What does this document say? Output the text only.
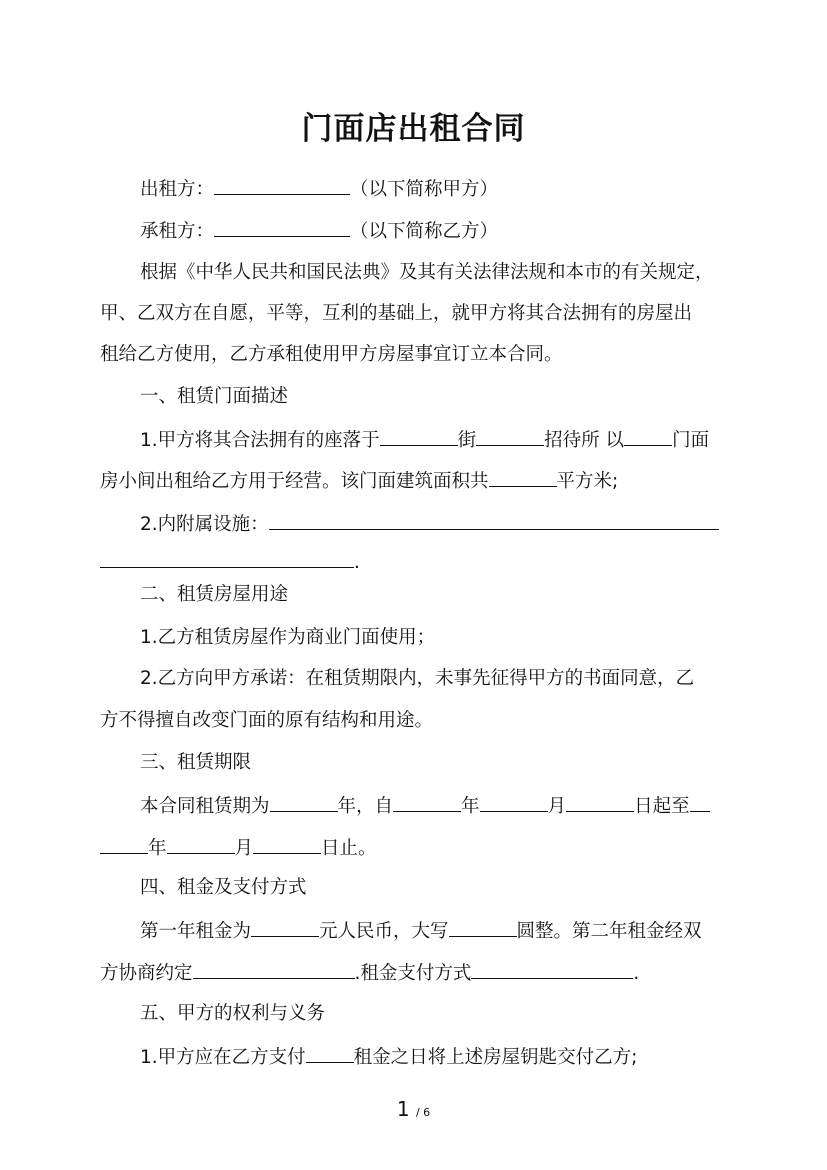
门面店出租合同
出租方：	（以下简称甲方）
承租方：	（以下简称乙方）
根据《中华人民共和国民法典》及其有关法律法规和本市的有关规定，
甲、乙双方在自愿，平等，互利的基础上，就甲方将其合法拥有的房屋出
租给乙方使用，乙方承租使用甲方房屋事宜订立本合同。
一、租赁门面描述
1.甲方将其合法拥有的座落于	街	招待所 以	门面
房小间出租给乙方用于经营。该门面建筑面积共	平方米;
2.内附属设施：
.
二、租赁房屋用途
1.乙方租赁房屋作为商业门面使用；
2.乙方向甲方承诺：在租赁期限内，未事先征得甲方的书面同意，乙
方不得擅自改变门面的原有结构和用途。
三、租赁期限
本合同租赁期为	年，自	年	月	日起至
年	月	日止。
四、租金及支付方式
第一年租金为	元人民币，大写	圆整。第二年租金经双
方协商约定	.租金支付方式	.
五、甲方的权利与义务
1.甲方应在乙方支付	租金之日将上述房屋钥匙交付乙方;
1 / 6
